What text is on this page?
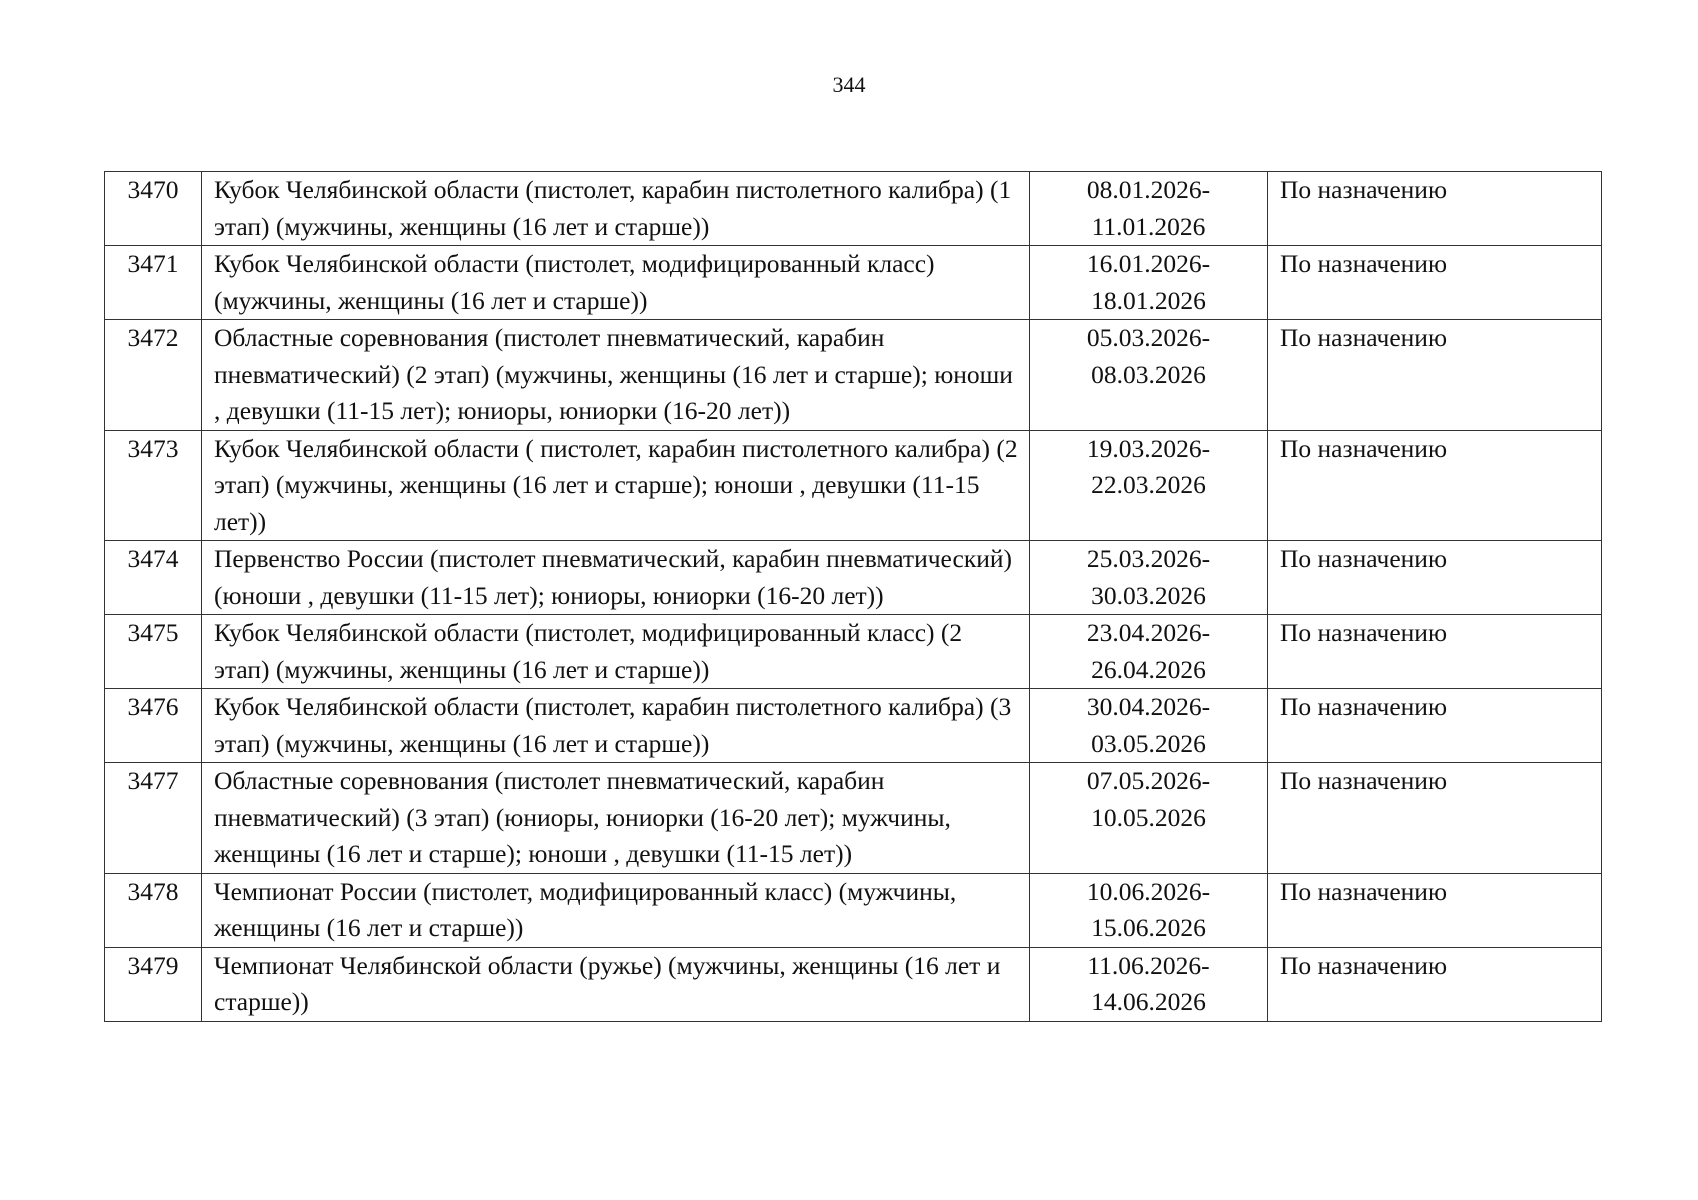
344
3470	Кубок Челябинской области (пистолет, карабин пистолетного калибра) (1 этап) (мужчины, женщины (16 лет и старше))	08.01.2026-11.01.2026	По назначению

3471	Кубок Челябинской области (пистолет, модифицированный класс) (мужчины, женщины (16 лет и старше))	16.01.2026-18.01.2026	По назначению

3472	Областные соревнования (пистолет пневматический, карабин пневматический) (2 этап) (мужчины, женщины (16 лет и старше); юноши , девушки (11-15 лет); юниоры, юниорки (16-20 лет))	05.03.2026-08.03.2026	По назначению

3473	Кубок Челябинской области ( пистолет, карабин пистолетного калибра) (2 этап) (мужчины, женщины (16 лет и старше); юноши , девушки (11-15 лет))	19.03.2026-22.03.2026	По назначению

3474	Первенство России (пистолет пневматический, карабин пневматический) (юноши , девушки (11-15 лет); юниоры, юниорки (16-20 лет))	25.03.2026-30.03.2026	По назначению

3475	Кубок Челябинской области (пистолет, модифицированный класс) (2 этап) (мужчины, женщины (16 лет и старше))	23.04.2026-26.04.2026	По назначению

3476	Кубок Челябинской области (пистолет, карабин пистолетного калибра) (3 этап) (мужчины, женщины (16 лет и старше))	30.04.2026-03.05.2026	По назначению

3477	Областные соревнования (пистолет пневматический, карабин пневматический) (3 этап) (юниоры, юниорки (16-20 лет); мужчины, женщины (16 лет и старше); юноши , девушки (11-15 лет))	07.05.2026-10.05.2026	По назначению

3478	Чемпионат России (пистолет, модифицированный класс) (мужчины, женщины (16 лет и старше))	10.06.2026-15.06.2026	По назначению

3479	Чемпионат Челябинской области (ружье) (мужчины, женщины (16 лет и старше))	11.06.2026-14.06.2026	По назначению
